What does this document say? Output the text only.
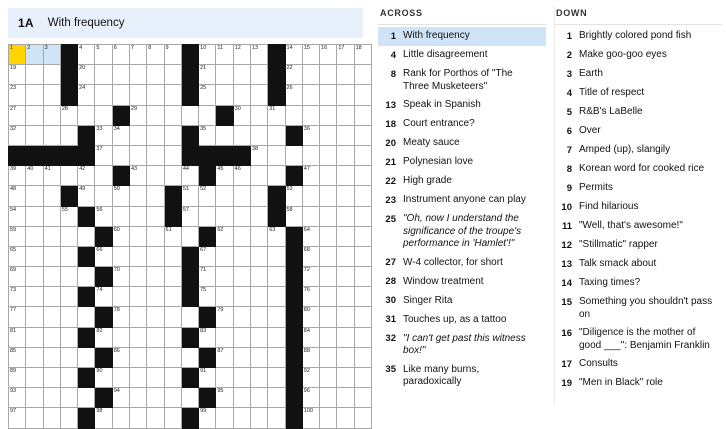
1A With frequency
1	2	3		4	5	6	7	8	9		10	11	12	13		14	15	16	17	18

19				20							21					22				

23				24							25					26				

27			28				29						30		31					

32					33	34					35						36			

					37									38						

39	40	41		42			43			44		45	46				47			

48				49		50				51	52					53				

54			55		56					57						58				

59						60			61			62			63		64			

65					66						67						68			

69						70					71						72			

73					74						75						76			

77						78						79					80			

81					82						83						84			

85						86						87					88			

89					90						91						92			

93						94						95					96			

97					98						99						100			

ACROSS
1 With frequency
4 Little disagreement
8 Rank for Porthos of "The Three Musketeers"
13 Speak in Spanish
18 Court entrance?
20 Meaty sauce
21 Polynesian love
22 High grade
23 Instrument anyone can play
25 "Oh, now I understand the significance of the troupe's performance in 'Hamlet'!"
27 W-4 collector, for short
28 Window treatment
30 Singer Rita
31 Touches up, as a tattoo
32 "I can't get past this witness box!"
35 Like many burns, paradoxically
DOWN
1 Brightly colored pond fish
2 Make goo-goo eyes
3 Earth
4 Title of respect
5 R&B's LaBelle
6 Over
7 Amped (up), slangily
8 Korean word for cooked rice
9 Permits
10 Find hilarious
11 "Well, that's awesome!"
12 "Stillmatic" rapper
13 Talk smack about
14 Taxing times?
15 Something you shouldn't pass on
16 "Diligence is the mother of good ___": Benjamin Franklin
17 Consults
19 "Men in Black" role
